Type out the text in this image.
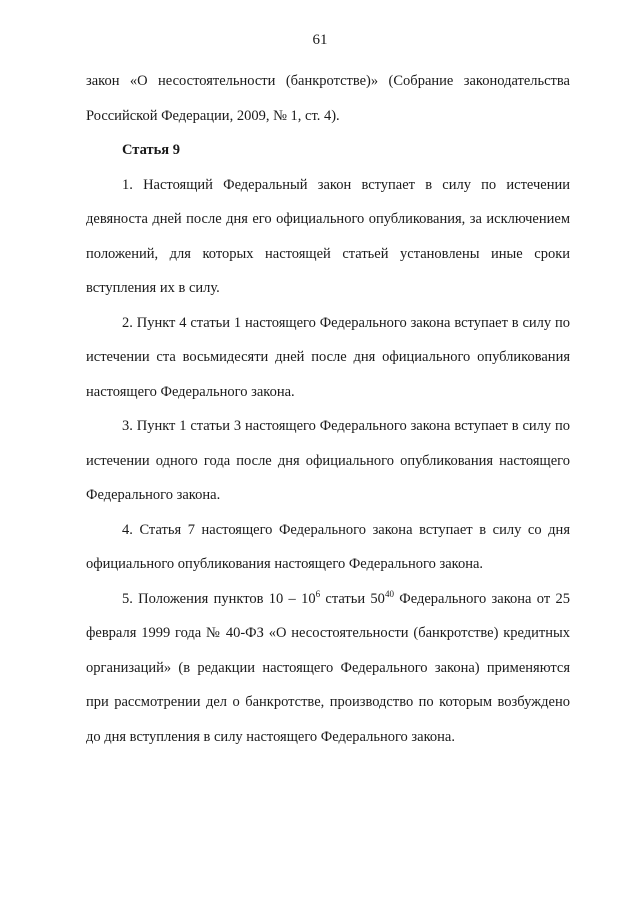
61

закон «О несостоятельности (банкротстве)» (Собрание законодательства Российской Федерации, 2009, № 1, ст. 4).

Статья 9

1. Настоящий Федеральный закон вступает в силу по истечении девяноста дней после дня его официального опубликования, за исключением положений, для которых настоящей статьей установлены иные сроки вступления их в силу.

2. Пункт 4 статьи 1 настоящего Федерального закона вступает в силу по истечении ста восьмидесяти дней после дня официального опубликования настоящего Федерального закона.

3. Пункт 1 статьи 3 настоящего Федерального закона вступает в силу по истечении одного года после дня официального опубликования настоящего Федерального закона.

4. Статья 7 настоящего Федерального закона вступает в силу со дня официального опубликования настоящего Федерального закона.

5. Положения пунктов $10 - 10^6$ статьи $50^{40}$ Федерального закона от 25 февраля 1999 года № 40-ФЗ «О несостоятельности (банкротстве) кредитных организаций» (в редакции настоящего Федерального закона) применяются при рассмотрении дел о банкротстве, производство по которым возбуждено до дня вступления в силу настоящего Федерального закона.
